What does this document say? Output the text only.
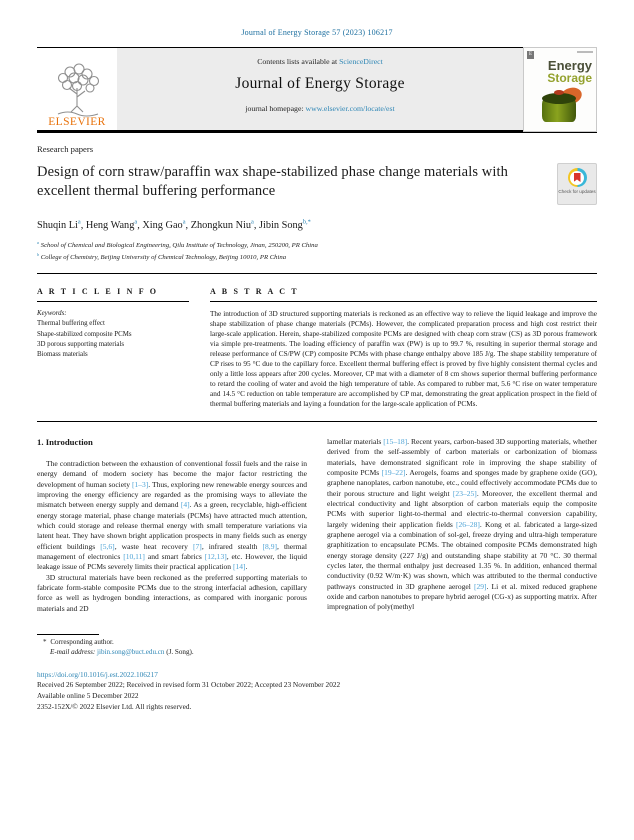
Journal of Energy Storage 57 (2023) 106217
ELSEVIER
Contents lists available at ScienceDirect
Journal of Energy Storage
journal homepage: www.elsevier.com/locate/est
E
Energy
Storage
Research papers
Design of corn straw/paraffin wax shape-stabilized phase change materials with excellent thermal buffering performance	Check for updates
Shuqin Li$^a$, Heng Wang$^a$, Xing Gao$^a$, Zhongkun Niu$^a$, Jibin Song$^{b,*}$
$^a$ School of Chemical and Biological Engineering, Qilu Institute of Technology, Jinan, 250200, PR China
$^b$ College of Chemistry, Beijing University of Chemical Technology, Beijing 10010, PR China
A R T I C L E I N F O
Keywords:
Thermal buffering effect
Shape-stabilized composite PCMs
3D porous supporting materials
Biomass materials
A B S T R A C T
The introduction of 3D structured supporting materials is reckoned as an effective way to relieve the liquid leakage and improve the shape stabilization of phase change materials (PCMs). However, the complicated preparation process and high cost restrict their large-scale application. Herein, shape-stabilized composite PCMs are designed with cheap corn straw (CS) as 3D porous framework via simple pre-treatments. The loading efficiency of paraffin wax (PW) is up to 99.7 %, resulting in superior thermal storage and release performance of CS/PW (CP) composite PCMs with phase change enthalpy above 185 J/g. The shape stability temperature of CP rises to 95 °C due to the capillary force. Excellent thermal buffering effect is proved by five highly consistent thermal cycles and only a little loss appears after 200 cycles. Moreover, CP mat with a diameter of 8 cm shows superior thermal buffering performance to retard the cooling of water and avoid the high temperature of table. As compared to rubber mat, 5.6 °C rise on water temperature and 14.5 °C reduction on table temperature are accomplished by CP mat, demonstrating the great application prospect in the field of thermal buffering materials and laying a foundation for the large-scale application of PCMs.
1. Introduction
The contradiction between the exhaustion of conventional fossil fuels and the raise in energy demand of modern society has become the major factor restricting the development of human society [1–3]. Thus, exploring new renewable energy sources and improving the energy efficiency are regarded as the promising ways to alleviate the mismatch between energy supply and demand [4]. As a green, recyclable, high-efficient energy storage material, phase change materials (PCMs) have attracted much attention, which could storage and release thermal energy with small temperature variations via latent heat. They have shown bright application prospects in many fields such as energy efficient buildings [5,6], waste heat recovery [7], infrared stealth [8,9], thermal management of electronics [10,11] and smart fabrics [12,13], etc. However, the liquid leakage issue of PCMs severely limits their practical application [14].
3D structural materials have been reckoned as the preferred supporting materials to fabricate form-stable composite PCMs due to the strong interfacial adhesion, capillary force as well as hydrogen bonding interactions, as compared with inorganic porous materials and 2D
lamellar materials [15–18]. Recent years, carbon-based 3D supporting materials, whether derived from the self-assembly of carbon materials or carbonization of biomass materials, have demonstrated significant role in improving the shape stability of composite PCMs [19–22]. Aerogels, foams and sponges made by graphene oxide (GO), graphene nanoplates, carbon nanotube, etc., could effectively accommodate PCMs due to their porous structure and light weight [23–25]. Moreover, the excellent thermal and electrical conductivity and light absorption of carbon materials equip the composite PCMs with superior light-to-thermal and electric-to-thermal conversion capability, largely widening their application fields [26–28]. Kong et al. fabricated a large-sized graphene aerogel via a combination of sol-gel, freeze drying and ultra-high temperature graphitization to encapsulate PCMs. The obtained composite PCMs demonstrated high energy storage density (227 J/g) and outstanding shape stability at 70 °C. 30 thermal cycles later, the thermal enthalpy just decreased 1.35 %. In addition, enhanced thermal conductivity (0.92 W/m·K) was shown, which was attributed to the thermal conductive pathways constructed in 3D graphene aerogel [29]. Li et al. mixed reduced graphene oxide and carbon nanotubes to prepare hybrid aerogel (CG-x) as supporting matrix. After impregnation of poly(methyl
* Corresponding author.
E-mail address: jibin.song@buct.edu.cn (J. Song).
https://doi.org/10.1016/j.est.2022.106217
Received 26 September 2022; Received in revised form 31 October 2022; Accepted 23 November 2022
Available online 5 December 2022
2352-152X/© 2022 Elsevier Ltd. All rights reserved.
